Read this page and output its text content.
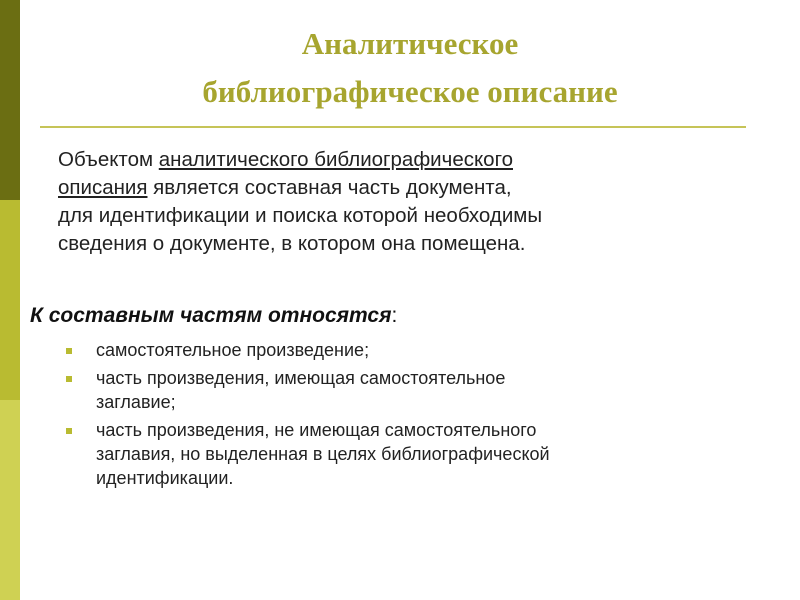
Аналитическое
библиографическое описание
Объектом аналитического библиографического
описания является составная часть документа,
для идентификации и поиска которой необходимы
сведения о документе, в котором она помещена.
К составным частям относятся:
самостоятельное произведение;
часть произведения, имеющая самостоятельное
заглавие;
часть произведения, не имеющая самостоятельного
заглавия, но выделенная в целях библиографической
идентификации.
